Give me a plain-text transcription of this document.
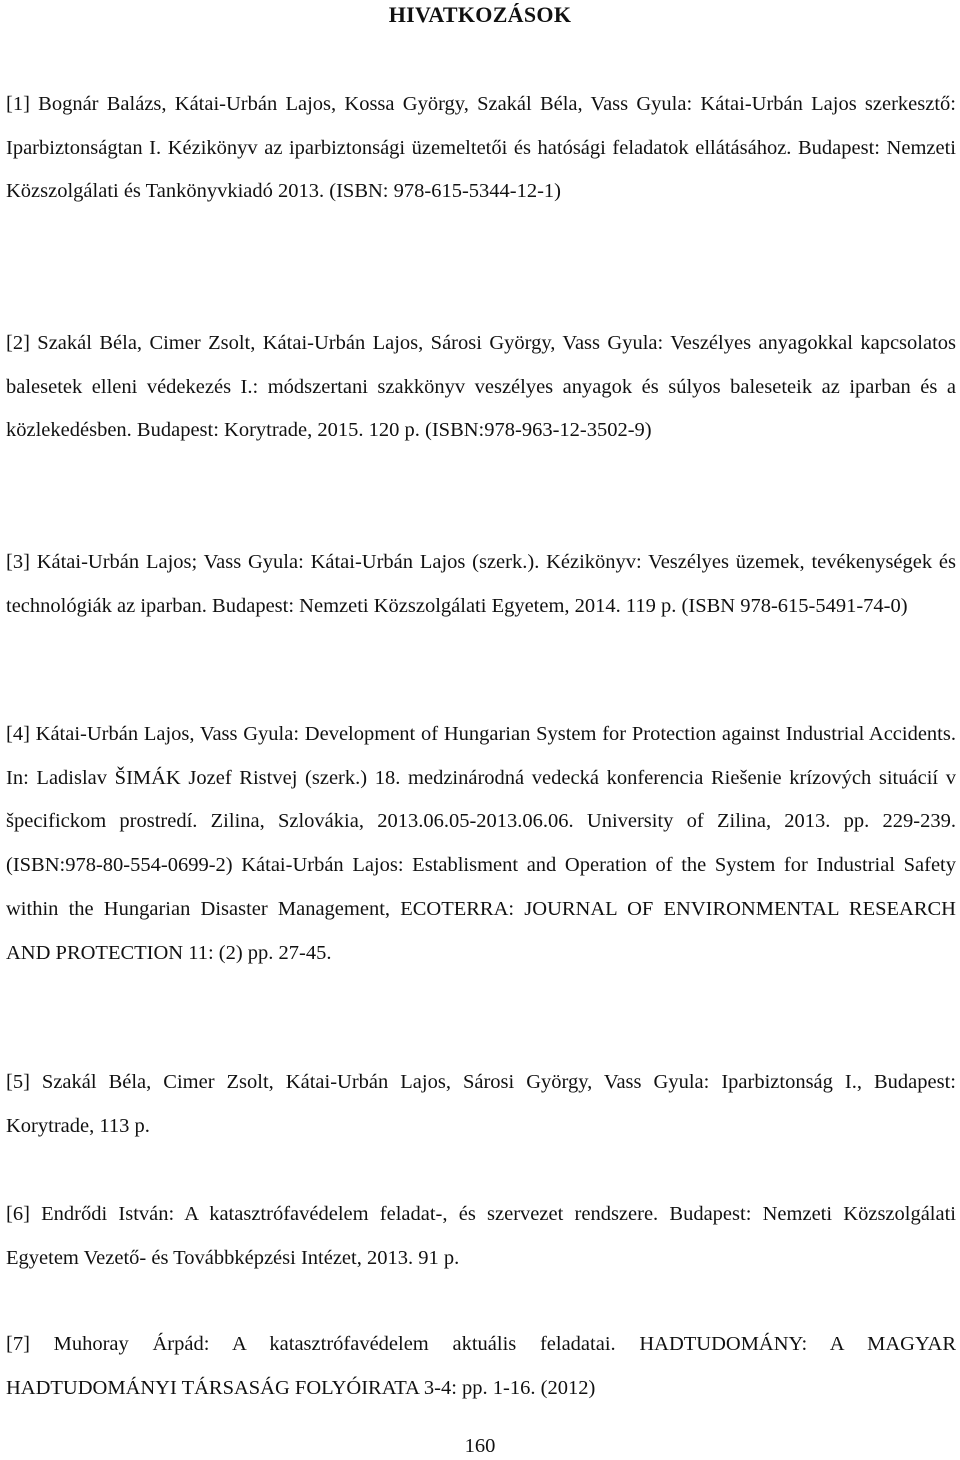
HIVATKOZÁSOK

[1] Bognár Balázs, Kátai-Urbán Lajos, Kossa György, Szakál Béla, Vass Gyula: Kátai-Urbán Lajos szerkesztő: Iparbiztonságtan I. Kézikönyv az iparbiztonsági üzemeltetői és hatósági feladatok ellátásához. Budapest: Nemzeti Közszolgálati és Tankönyvkiadó 2013. (ISBN: 978-615-5344-12-1)

[2] Szakál Béla, Cimer Zsolt, Kátai-Urbán Lajos, Sárosi György, Vass Gyula: Veszélyes anyagokkal kapcsolatos balesetek elleni védekezés I.: módszertani szakkönyv veszélyes anyagok és súlyos baleseteik az iparban és a közlekedésben. Budapest: Korytrade, 2015. 120 p. (ISBN:978-963-12-3502-9)

[3] Kátai-Urbán Lajos; Vass Gyula: Kátai-Urbán Lajos (szerk.). Kézikönyv: Veszélyes üzemek, tevékenységek és technológiák az iparban. Budapest: Nemzeti Közszolgálati Egyetem, 2014. 119 p. (ISBN 978-615-5491-74-0)

[4] Kátai-Urbán Lajos, Vass Gyula: Development of Hungarian System for Protection against Industrial Accidents. In: Ladislav ŠIMÁK Jozef Ristvej (szerk.) 18. medzinárodná vedecká konferencia Riešenie krízových situácií v špecifickom prostredí. Zilina, Szlovákia, 2013.06.05-2013.06.06. University of Zilina, 2013. pp. 229-239. (ISBN:978-80-554-0699-2) Kátai-Urbán Lajos: Establisment and Operation of the System for Industrial Safety within the Hungarian Disaster Management, ECOTERRA: JOURNAL OF ENVIRONMENTAL RESEARCH AND PROTECTION 11: (2) pp. 27-45.

[5] Szakál Béla, Cimer Zsolt, Kátai-Urbán Lajos, Sárosi György, Vass Gyula: Iparbiztonság I., Budapest: Korytrade, 113 p.

[6] Endrődi István: A katasztrófavédelem feladat-, és szervezet rendszere. Budapest: Nemzeti Közszolgálati Egyetem Vezető- és Továbbképzési Intézet, 2013. 91 p.

[7] Muhoray Árpád: A katasztrófavédelem aktuális feladatai. HADTUDOMÁNY: A MAGYAR HADTUDOMÁNYI TÁRSASÁG FOLYÓIRATA 3-4: pp. 1-16. (2012)

160
